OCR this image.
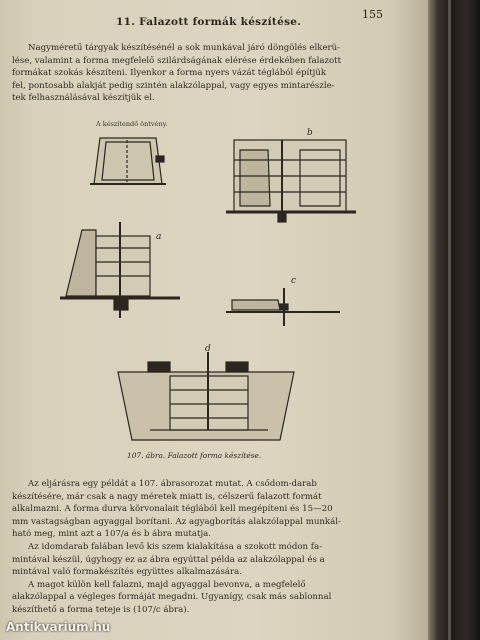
11. Falazott formák készítése.
155
Nagyméretű tárgyak készítésénél a sok munkával járó döngölés elkerü-
lése, valamint a forma megfelelő szilárdságának elérése érdekében falazott
formákat szokás készíteni. Ilyenkor a forma nyers vázát téglából építjük
fel, pontosabb alakját pedig szintén alakzólappal, vagy egyes mintarészle-
tek felhasználásával készítjük el.
A készítendő öntvény.
b
a
c
d
107. ábra. Falazott forma készítése.
Az eljárásra egy példát a 107. ábrasorozat mutat. A csődom-darab
készítésére, már csak a nagy méretek miatt is, célszerű falazott formát
alkalmazni. A forma durva körvonalait téglából kell megépíteni és 15—20
mm vastagságban agyaggal borítani. Az agyagborítás alakzólappal munkál-
ható meg, mint azt a 107/a és b ábra mutatja.
Az idomdarab falában levő kis szem kialakítása a szokott módon fa-
mintával készül, úgyhogy ez az ábra egyúttal példa az alakzólappal és a
mintával való formakészítés együttes alkalmazására.
A magot külön kell falazni, majd agyaggal bevonva, a megfelelő
alakzólappal a végleges formáját megadni. Ugyanígy, csak más sablonnal
készíthető a forma teteje is (107/c ábra).
Antikvarium.hu
